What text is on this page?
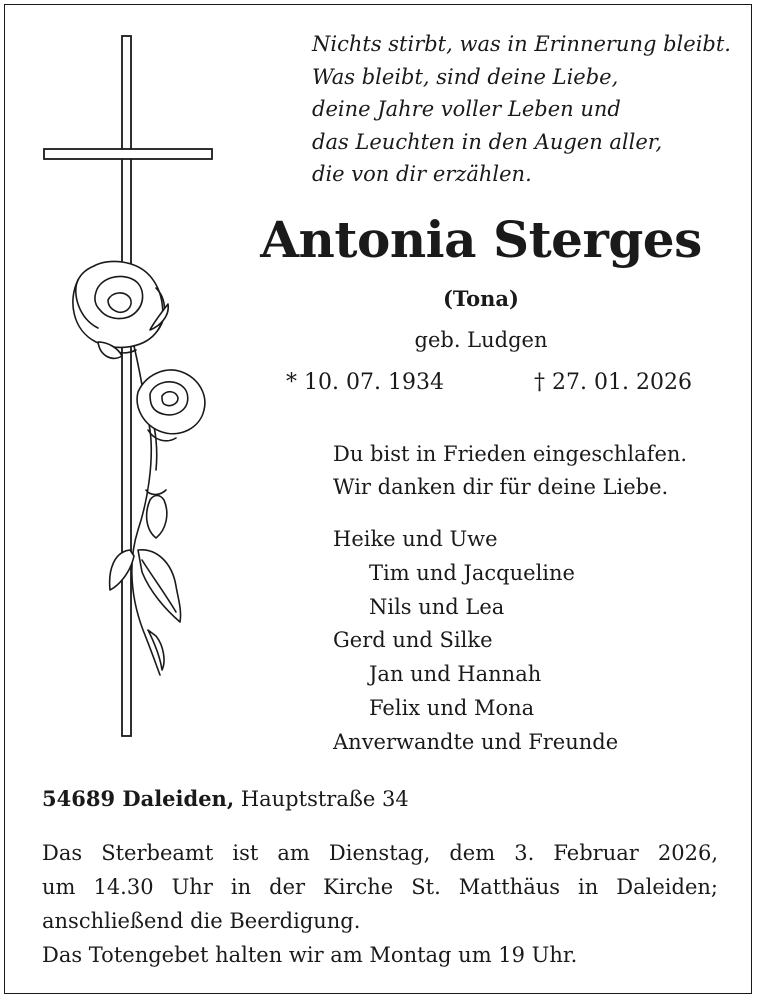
Nichts stirbt, was in Erinnerung bleibt.
Was bleibt, sind deine Liebe,
deine Jahre voller Leben und
das Leuchten in den Augen aller,
die von dir erzählen.
Antonia Sterges
(Tona)
geb. Ludgen
* 10. 07. 1934	† 27. 01. 2026
Du bist in Frieden eingeschlafen.
Wir danken dir für deine Liebe.
Heike und Uwe
Tim und Jacqueline
Nils und Lea
Gerd und Silke
Jan und Hannah
Felix und Mona
Anverwandte und Freunde
54689 Daleiden, Hauptstraße 34
Das Sterbeamt ist am Dienstag, dem 3. Februar 2026,
um 14.30 Uhr in der Kirche St. Matthäus in Daleiden;
anschließend die Beerdigung.
Das Totengebet halten wir am Montag um 19 Uhr.
